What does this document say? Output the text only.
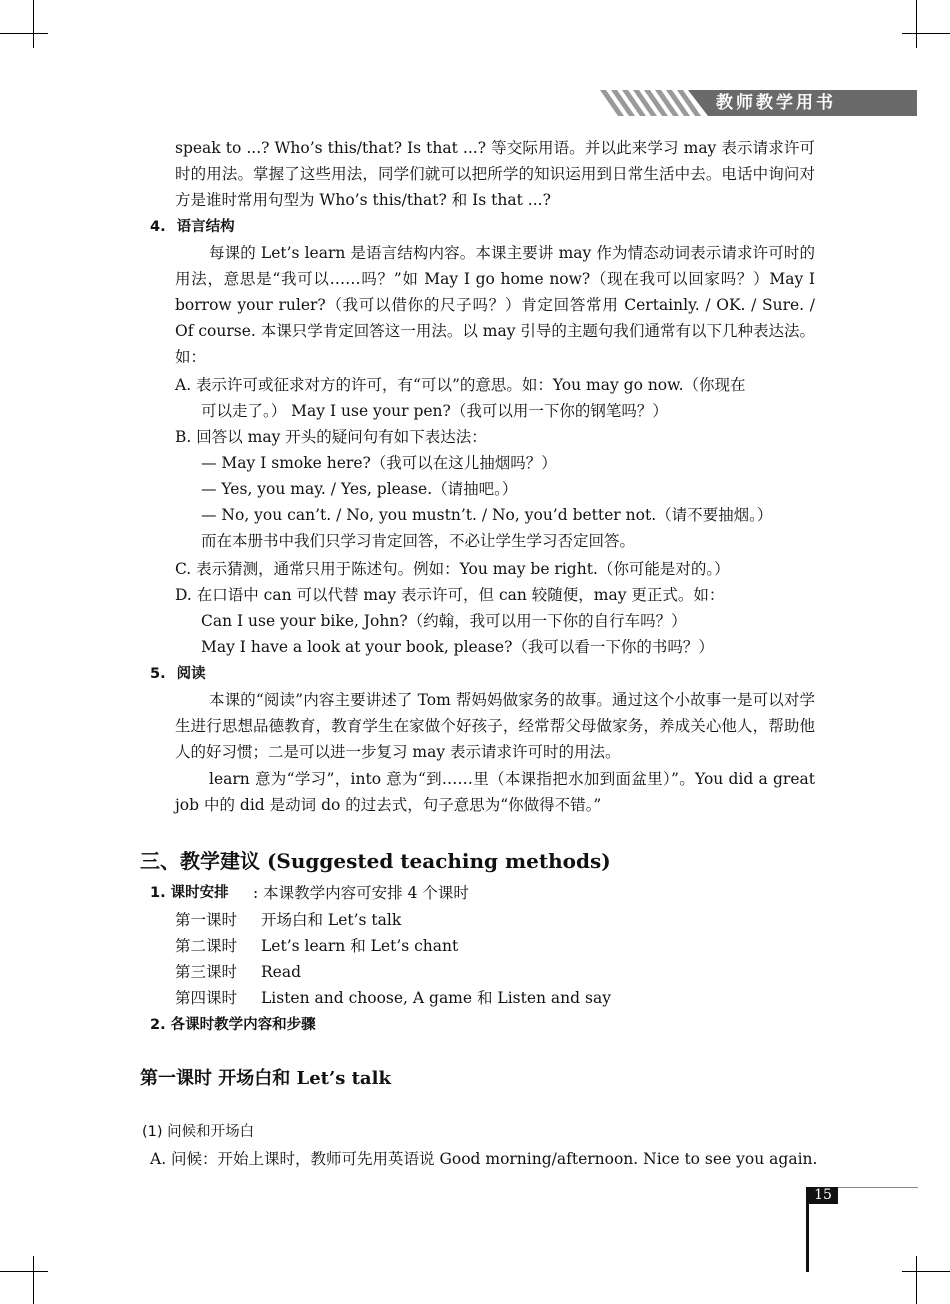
教师教学用书
speak to ...? Who’s this/that? Is that ...? 等交际用语。并以此来学习 may 表示请求许可时的用法。掌握了这些用法，同学们就可以把所学的知识运用到日常生活中去。电话中询问对方是谁时常用句型为 Who’s this/that? 和 Is that ...?
4. 语言结构
每课的 Let’s learn 是语言结构内容。本课主要讲 may 作为情态动词表示请求许可时的用法，意思是“我可以……吗？”如 May I go home now?（现在我可以回家吗？）May I borrow your ruler?（我可以借你的尺子吗？）肯定回答常用 Certainly. / OK. / Sure. / Of course. 本课只学肯定回答这一用法。以 may 引导的主题句我们通常有以下几种表达法。如：
A. 表示许可或征求对方的许可，有“可以”的意思。如：You may go now.（你现在
可以走了。） May I use your pen?（我可以用一下你的钢笔吗？）
B. 回答以 may 开头的疑问句有如下表达法：
— May I smoke here?（我可以在这儿抽烟吗？）
— Yes, you may. / Yes, please.（请抽吧。）
— No, you can’t. / No, you mustn’t. / No, you’d better not.（请不要抽烟。）
而在本册书中我们只学习肯定回答，不必让学生学习否定回答。
C. 表示猜测，通常只用于陈述句。例如：You may be right.（你可能是对的。）
D. 在口语中 can 可以代替 may 表示许可，但 can 较随便，may 更正式。如：
Can I use your bike, John?（约翰，我可以用一下你的自行车吗？）
May I have a look at your book, please?（我可以看一下你的书吗？）
5. 阅读
本课的“阅读”内容主要讲述了 Tom 帮妈妈做家务的故事。通过这个小故事一是可以对学生进行思想品德教育，教育学生在家做个好孩子，经常帮父母做家务，养成关心他人，帮助他人的好习惯；二是可以进一步复习 may 表示请求许可时的用法。
learn 意为“学习”，into 意为“到……里（本课指把水加到面盆里）”。You did a great job 中的 did 是动词 do 的过去式，句子意思为“你做得不错。”
三、教学建议 (Suggested teaching methods)
1. 课时安排 : 本课教学内容可安排 4 个课时
第一课时 开场白和 Let’s talk
第二课时 Let’s learn 和 Let’s chant
第三课时 Read
第四课时 Listen and choose, A game 和 Listen and say
2. 各课时教学内容和步骤
第一课时 开场白和 Let’s talk
(1) 问候和开场白
A. 问候：开始上课时，教师可先用英语说 Good morning/afternoon. Nice to see you again.
15
